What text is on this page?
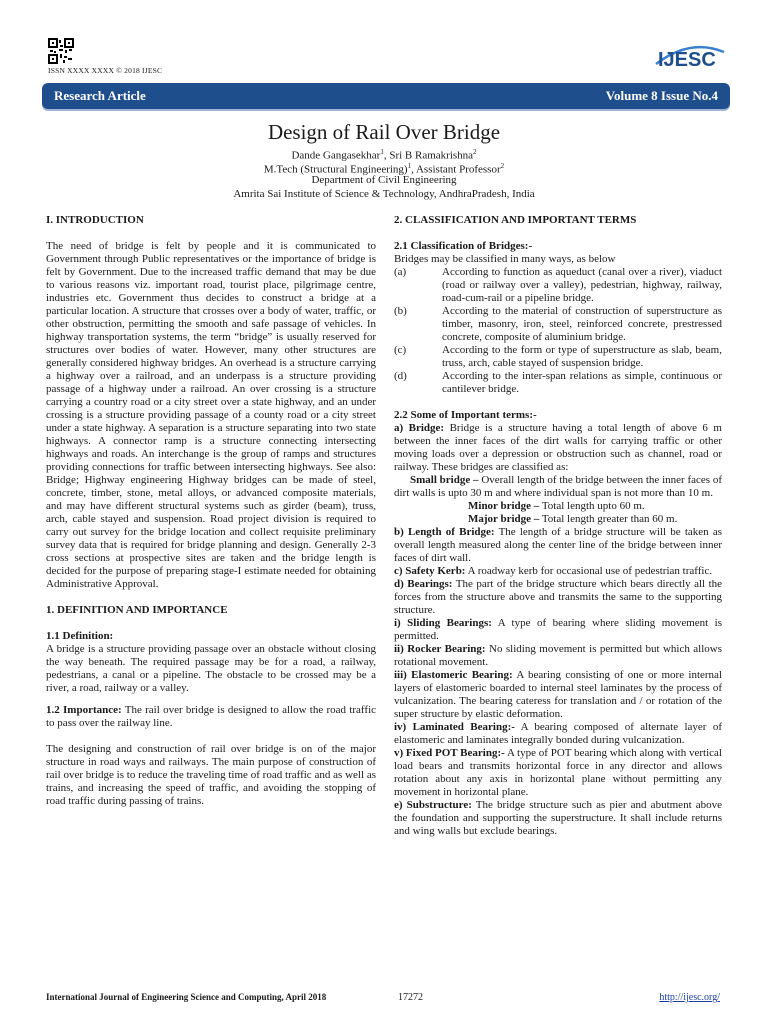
ISSN XXXX XXXX © 2018 IJESC	IJESC
Research Article	Volume 8 Issue No.4
Design of Rail Over Bridge
Dande Gangasekhar$^1$, Sri B Ramakrishna$^2$
M.Tech (Structural Engineering)$^1$, Assistant Professor$^2$
Department of Civil Engineering
Amrita Sai Institute of Science & Technology, AndhraPradesh, India

I. INTRODUCTION

The need of bridge is felt by people and it is communicated to Government through Public representatives or the importance of bridge is felt by Government. Due to the increased traffic demand that may be due to various reasons viz. important road, tourist place, pilgrimage centre, industries etc. Government thus decides to construct a bridge at a particular location. A structure that crosses over a body of water, traffic, or other obstruction, permitting the smooth and safe passage of vehicles. In highway transportation systems, the term “bridge” is usually reserved for structures over bodies of water. However, many other structures are generally considered highway bridges. An overhead is a structure carrying a highway over a railroad, and an underpass is a structure providing passage of a highway under a railroad. An over crossing is a structure carrying a country road or a city street over a state highway, and an under crossing is a structure providing passage of a county road or a city street under a state highway. A separation is a structure separating into two state highways. A connector ramp is a structure connecting intersecting highways and roads. An interchange is the group of ramps and structures providing connections for traffic between intersecting highways. See also: Bridge; Highway engineering Highway bridges can be made of steel, concrete, timber, stone, metal alloys, or advanced composite materials, and may have different structural systems such as girder (beam), truss, arch, cable stayed and suspension. Road project division is required to carry out survey for the bridge location and collect requisite preliminary survey data that is required for bridge planning and design. Generally 2-3 cross sections at prospective sites are taken and the bridge length is decided for the purpose of preparing stage-I estimate needed for obtaining Administrative Approval.

1. DEFINITION AND IMPORTANCE

1.1 Definition:

A bridge is a structure providing passage over an obstacle without closing the way beneath. The required passage may be for a road, a railway, pedestrians, a canal or a pipeline. The obstacle to be crossed may be a river, a road, railway or a valley.

1.2 Importance: The rail over bridge is designed to allow the road traffic to pass over the railway line.

The designing and construction of rail over bridge is on of the major structure in road ways and railways. The main purpose of construction of rail over bridge is to reduce the traveling time of road traffic and as well as trains, and increasing the speed of traffic, and avoiding the stopping of road traffic during passing of trains.

2. CLASSIFICATION AND IMPORTANT TERMS

2.1 Classification of Bridges:-

Bridges may be classified in many ways, as below

(a)	According to function as aqueduct (canal over a river), viaduct (road or railway over a valley), pedestrian, highway, railway, road-cum-rail or a pipeline bridge.
(b)	According to the material of construction of superstructure as timber, masonry, iron, steel, reinforced concrete, prestressed concrete, composite of aluminium bridge.
(c)	According to the form or type of superstructure as slab, beam, truss, arch, cable stayed of suspension bridge.
(d)	According to the inter-span relations as simple, continuous or cantilever bridge.

2.2 Some of Important terms:-

a) Bridge: Bridge is a structure having a total length of above 6 m between the inner faces of the dirt walls for carrying traffic or other moving loads over a depression or obstruction such as channel, road or railway. These bridges are classified as:

Small bridge – Overall length of the bridge between the inner faces of dirt walls is upto 30 m and where individual span is not more than 10 m.

Minor bridge – Total length upto 60 m.

Major bridge – Total length greater than 60 m.

b) Length of Bridge: The length of a bridge structure will be taken as overall length measured along the center line of the bridge between inner faces of dirt wall.

c) Safety Kerb: A roadway kerb for occasional use of pedestrian traffic.

d) Bearings: The part of the bridge structure which bears directly all the forces from the structure above and transmits the same to the supporting structure.

i) Sliding Bearings: A type of bearing where sliding movement is permitted.

ii) Rocker Bearing: No sliding movement is permitted but which allows rotational movement.

iii) Elastomeric Bearing: A bearing consisting of one or more internal layers of elastomeric boarded to internal steel laminates by the process of vulcanization. The bearing cateress for translation and / or rotation of the super structure by elastic deformation.

iv) Laminated Bearing:- A bearing composed of alternate layer of elastomeric and laminates integrally bonded during vulcanization.

v) Fixed POT Bearing:- A type of POT bearing which along with vertical load bears and transmits horizontal force in any director and allows rotation about any axis in horizontal plane without permitting any movement in horizontal plane.

e) Substructure: The bridge structure such as pier and abutment above the foundation and supporting the superstructure. It shall include returns and wing walls but exclude bearings.

International Journal of Engineering Science and Computing, April 2018	17272	http://ijesc.org/
